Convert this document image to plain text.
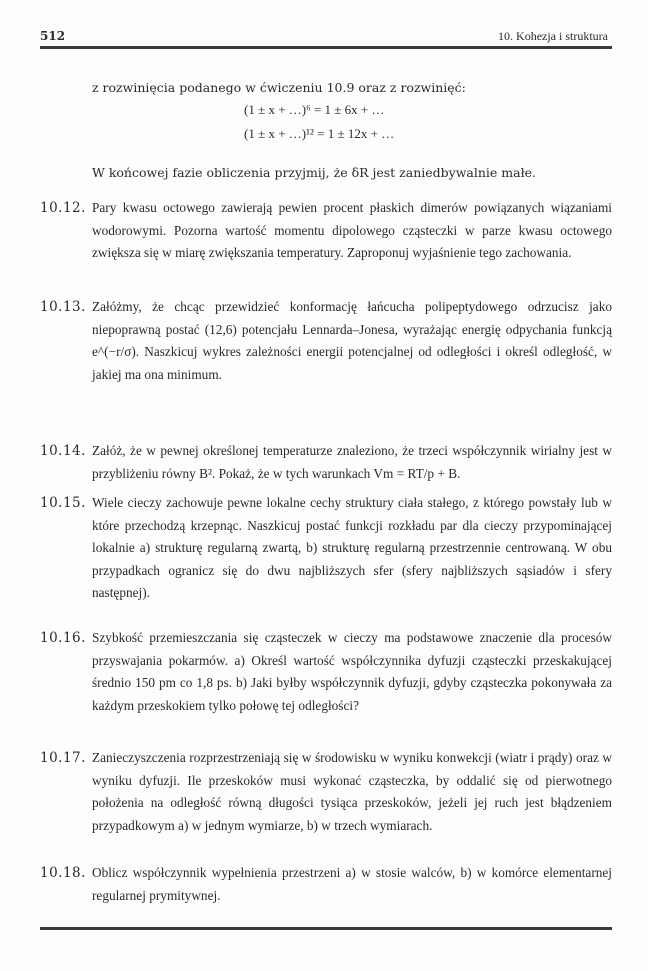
512	10. Kohezja i struktura
z rozwinięcia podanego w ćwiczeniu 10.9 oraz z rozwinięć:
(1 ± x + …)⁶ = 1 ± 6x + …
(1 ± x + …)¹² = 1 ± 12x + …
W końcowej fazie obliczenia przyjmij, że δR jest zaniedbywalnie małe.
10.12. Pary kwasu octowego zawierają pewien procent płaskich dimerów powiązanych wiązaniami wodorowymi. Pozorna wartość momentu dipolowego cząsteczki w parze kwasu octowego zwiększa się w miarę zwiększania temperatury. Zaproponuj wyjaśnienie tego zachowania.
10.13. Załóżmy, że chcąc przewidzieć konformację łańcucha polipeptydowego odrzucisz jako niepoprawną postać (12,6) potencjału Lennarda–Jonesa, wyrażając energię odpychania funkcją e^(−r/σ). Naszkicuj wykres zależności energii potencjalnej od odległości i określ odległość, w jakiej ma ona minimum.
10.14. Załóż, że w pewnej określonej temperaturze znaleziono, że trzeci współczynnik wirialny jest w przybliżeniu równy B². Pokaż, że w tych warunkach Vm = RT/p + B.
10.15. Wiele cieczy zachowuje pewne lokalne cechy struktury ciała stałego, z którego powstały lub w które przechodzą krzepnąc. Naszkicuj postać funkcji rozkładu par dla cieczy przypominającej lokalnie a) strukturę regularną zwartą, b) strukturę regularną przestrzennie centrowaną. W obu przypadkach ogranicz się do dwu najbliższych sfer (sfery najbliższych sąsiadów i sfery następnej).
10.16. Szybkość przemieszczania się cząsteczek w cieczy ma podstawowe znaczenie dla procesów przyswajania pokarmów. a) Określ wartość współczynnika dyfuzji cząsteczki przeskakującej średnio 150 pm co 1,8 ps. b) Jaki byłby współczynnik dyfuzji, gdyby cząsteczka pokonywała za każdym przeskokiem tylko połowę tej odległości?
10.17. Zanieczyszczenia rozprzestrzeniają się w środowisku w wyniku konwekcji (wiatr i prądy) oraz w wyniku dyfuzji. Ile przeskoków musi wykonać cząsteczka, by oddalić się od pierwotnego położenia na odległość równą długości tysiąca przeskoków, jeżeli jej ruch jest błądzeniem przypadkowym a) w jednym wymiarze, b) w trzech wymiarach.
10.18. Oblicz współczynnik wypełnienia przestrzeni a) w stosie walców, b) w komórce elementarnej regularnej prymitywnej.
